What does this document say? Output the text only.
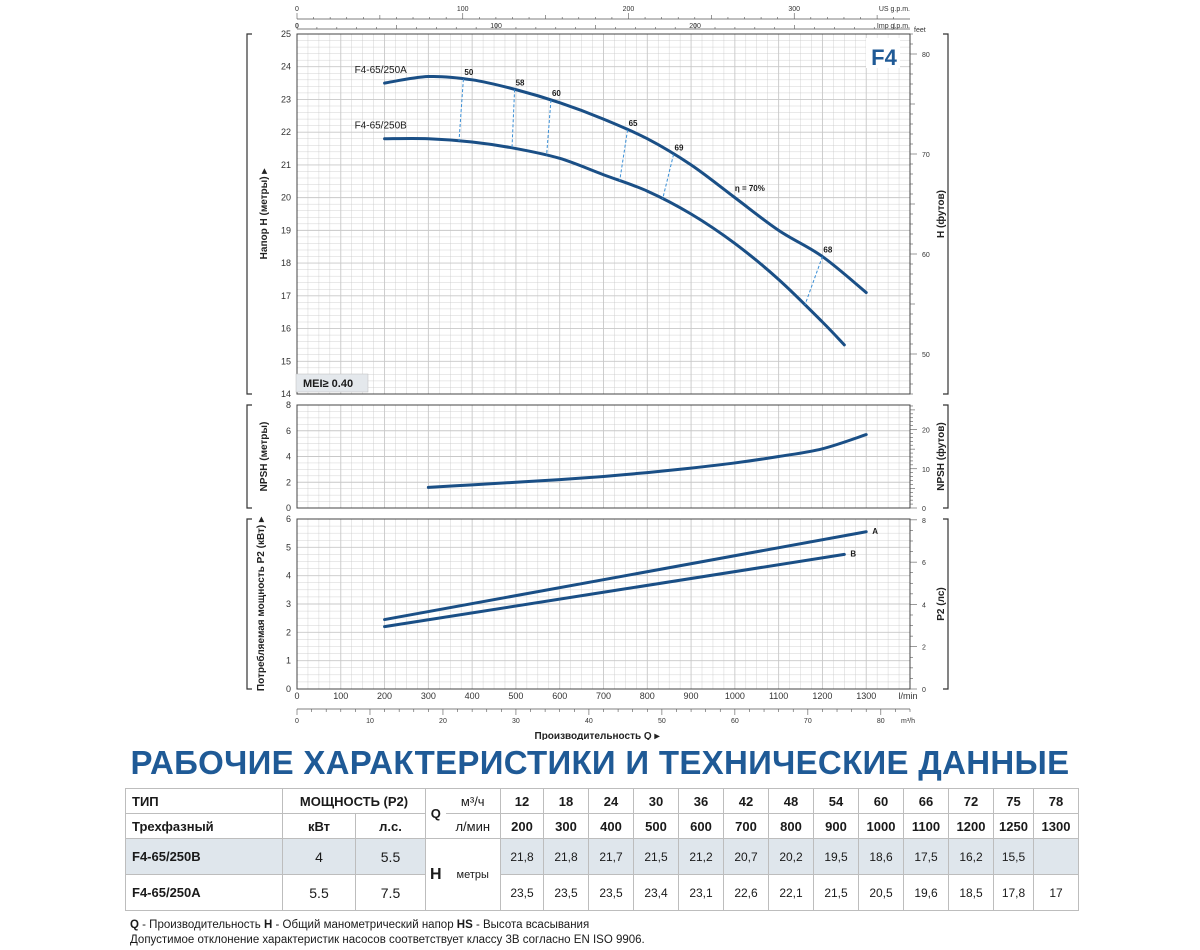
0	100	200	300	US g.p.m.
0	100	200	Imp g.p.m.
14
15
16
17
18
19
20
21
22
23
24
25
Напор H (метры) ▸	H (футов)
50
60
70
80
feet
F4-65/250A
F4-65/250B
50
58
60
65
69
68
η = 70%
0
2
4
6
8
NPSH (метры)	NPSH (футов)
0
10
20
0
1
2
3
4
5
6
0	100	200	300	400	500	600	700	800	900	1000	1100	1200	1300 l/min
Потребляемая мощность P2 (кВт) ▸	P2 (лс)
0
2
4
6
8
A
B
0	10	20	30	40	50	60	70	80 m³/h
F4
MEI≥ 0.40
Производительность Q ▸
РАБОЧИЕ ХАРАКТЕРИСТИКИ И ТЕХНИЧЕСКИЕ ДАННЫЕ
ТИП	МОЩНОСТЬ (P2)		Q	м³/ч	12	18	24	30	36	42	48	54	60	66	72	75	78
Трехфазный	кВт	л.с.		л/мин	200	300	400	500	600	700	800	900	1000	1100	1200	1250	1300
F4-65/250B	4	5.5	H	метры	21,8	21,8	21,7	21,5	21,2	20,7	20,2	19,5	18,6	17,5	16,2	15,5	
F4-65/250A	5.5	7.5			23,5	23,5	23,5	23,4	23,1	22,6	22,1	21,5	20,5	19,6	18,5	17,8	17
Q - Производительность H - Общий манометрический напор HS - Высота всасывания
Допустимое отклонение характеристик насосов соответствует классу 3В согласно EN ISO 9906.
